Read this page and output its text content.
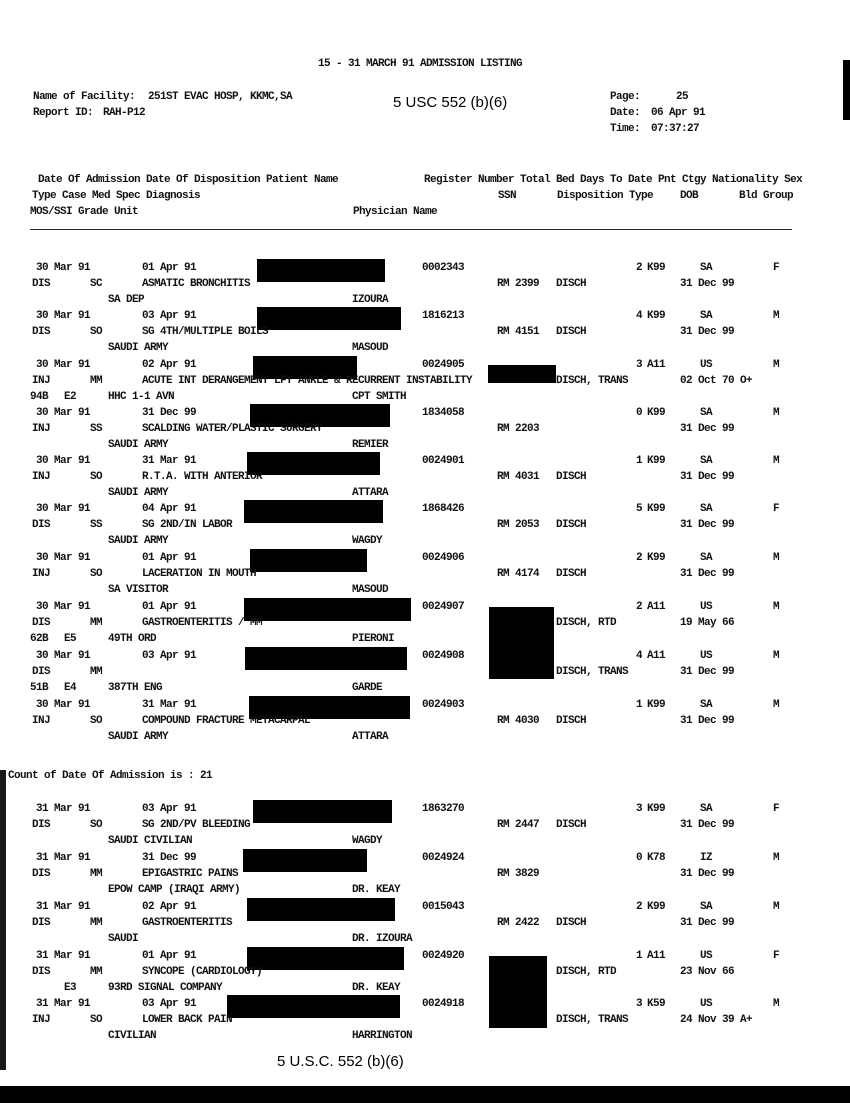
15 - 31 MARCH 91 ADMISSION LISTING
Name of Facility: 251ST EVAC HOSP, KKMC,SA
Report ID: RAH-P12
5 USC 552 (b)(6)	Page:	25
Date: 06 Apr 91
Time: 07:37:27
Date Of Admission Date Of Disposition Patient Name	Register Number Total Bed Days To Date Pnt Ctgy Nationality Sex
Type Case Med Spec Diagnosis	SSN	Disposition Type DOB	Bld Group
MOS/SSI Grade Unit	Physician Name
30 Mar 91	01 Apr 91	0002343	2 K99	SA	F
DIS	SC	ASMATIC BRONCHITIS	RM 2399 DISCH	31 Dec 99
SA DEP	IZOURA
30 Mar 91	03 Apr 91	1816213	4 K99	SA	M
DIS	SO	SG 4TH/MULTIPLE BOILS	RM 4151 DISCH	31 Dec 99
SAUDI ARMY	MASOUD
30 Mar 91	02 Apr 91	0024905	3 A11	US	M
INJ	MM	ACUTE INT DERANGEMENT LFT ANKLE & RECURRENT INSTABILITY	DISCH, TRANS	02 Oct 70 O+
94B E2	HHC 1-1 AVN	CPT SMITH
30 Mar 91	31 Dec 99	1834058	0 K99	SA	M
INJ	SS	SCALDING WATER/PLASTIC SURGERY	RM 2203	31 Dec 99
SAUDI ARMY	REMIER
30 Mar 91	31 Mar 91	0024901	1 K99	SA	M
INJ	SO	R.T.A. WITH ANTERIOR	RM 4031 DISCH	31 Dec 99
SAUDI ARMY	ATTARA
30 Mar 91	04 Apr 91	1868426	5 K99	SA	F
DIS	SS	SG 2ND/IN LABOR	RM 2053 DISCH	31 Dec 99
SAUDI ARMY	WAGDY
30 Mar 91	01 Apr 91	0024906	2 K99	SA	M
INJ	SO	LACERATION IN MOUTH	RM 4174 DISCH	31 Dec 99
SA VISITOR	MASOUD
30 Mar 91	01 Apr 91	0024907	2 A11	US	M
DIS	MM	GASTROENTERITIS / MM	DISCH, RTD	19 May 66
62B E5	49TH ORD	PIERONI
30 Mar 91	03 Apr 91	0024908	4 A11	US	M
DIS	MM	DISCH, TRANS	31 Dec 99
51B E4	387TH ENG	GARDE
30 Mar 91	31 Mar 91	0024903	1 K99	SA	M
INJ	SO	COMPOUND FRACTURE METACARPAL	RM 4030 DISCH	31 Dec 99
SAUDI ARMY	ATTARA
31 Mar 91	03 Apr 91	1863270	3 K99	SA	F
DIS	SO	SG 2ND/PV BLEEDING	RM 2447 DISCH	31 Dec 99
SAUDI CIVILIAN	WAGDY
31 Mar 91	31 Dec 99	0024924	0 K78	IZ	M
DIS	MM	EPIGASTRIC PAINS	RM 3829	31 Dec 99
EPOW CAMP (IRAQI ARMY)	DR. KEAY
31 Mar 91	02 Apr 91	0015043	2 K99	SA	M
DIS	MM	GASTROENTERITIS	RM 2422 DISCH	31 Dec 99
SAUDI	DR. IZOURA
31 Mar 91	01 Apr 91	0024920	1 A11	US	F
DIS	MM	SYNCOPE (CARDIOLOGY)	DISCH, RTD	23 Nov 66
E3	93RD SIGNAL COMPANY	DR. KEAY
31 Mar 91	03 Apr 91	0024918	3 K59	US	M
INJ	SO	LOWER BACK PAIN	DISCH, TRANS	24 Nov 39 A+
CIVILIAN	HARRINGTON
Count of Date Of Admission is : 21
5 U.S.C. 552 (b)(6)
